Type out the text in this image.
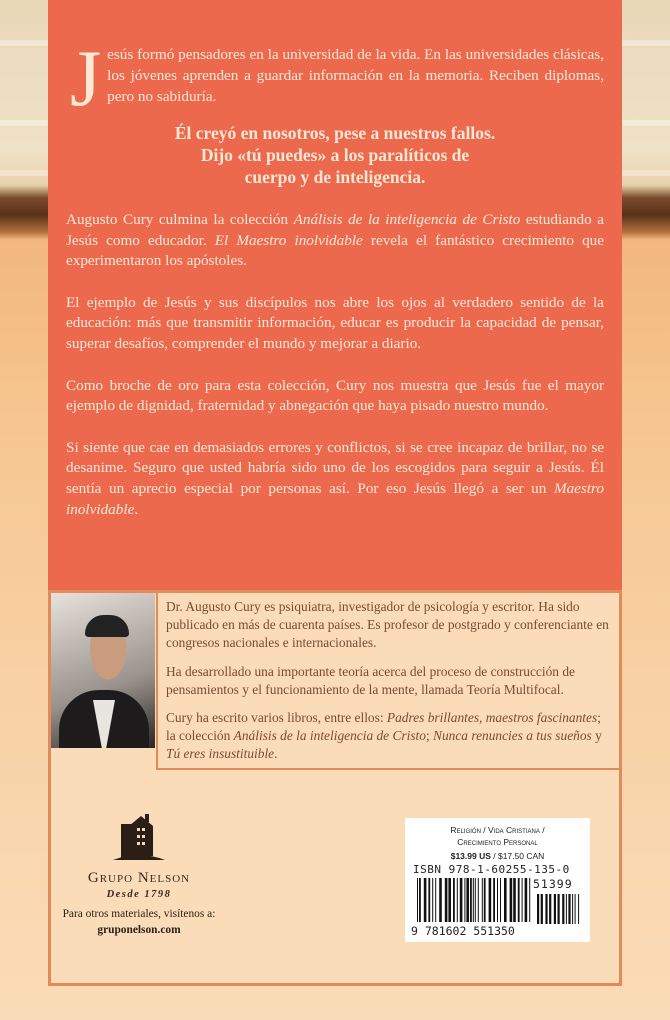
Jesús formó pensadores en la universidad de la vida. En las universidades clásicas, los jóvenes aprenden a guardar información en la memoria. Reciben diplomas, pero no sabiduría.
Él creyó en nosotros, pese a nuestros fallos.
Dijo «tú puedes» a los paralíticos de
cuerpo y de inteligencia.

Augusto Cury culmina la colección Análisis de la inteligencia de Cristo estudiando a Jesús como educador. El Maestro inolvidable revela el fantástico crecimiento que experimentaron los apóstoles.

El ejemplo de Jesús y sus discípulos nos abre los ojos al verdadero sentido de la educación: más que transmitir información, educar es producir la capacidad de pensar, superar desafíos, comprender el mundo y mejorar a diario.

Como broche de oro para esta colección, Cury nos muestra que Jesús fue el mayor ejemplo de dignidad, fraternidad y abnegación que haya pisado nuestro mundo.

Si siente que cae en demasiados errores y conflictos, si se cree incapaz de brillar, no se desanime. Seguro que usted habría sido uno de los escogidos para seguir a Jesús. Él sentía un aprecio especial por personas así. Por eso Jesús llegó a ser un Maestro inolvidable.

Dr. Augusto Cury es psiquiatra, investigador de psicología y escritor. Ha sido publicado en más de cuarenta países. Es profesor de postgrado y conferenciante en congresos nacionales e internacionales.

Ha desarrollado una importante teoría acerca del proceso de construcción de pensamientos y el funcionamiento de la mente, llamada Teoría Multifocal.

Cury ha escrito varios libros, entre ellos: Padres brillantes, maestros fascinantes; la colección Análisis de la inteligencia de Cristo; Nunca renuncies a tus sueños y Tú eres insustituible.

Grupo Nelson
Desde 1798
Para otros materiales, visítenos a:
gruponelson.com
Religión / Vida Cristiana /
Crecimiento Personal
$13.99 US / $17.50 CAN
ISBN 978-1-60255-135-0
51399
9 781602 551350
